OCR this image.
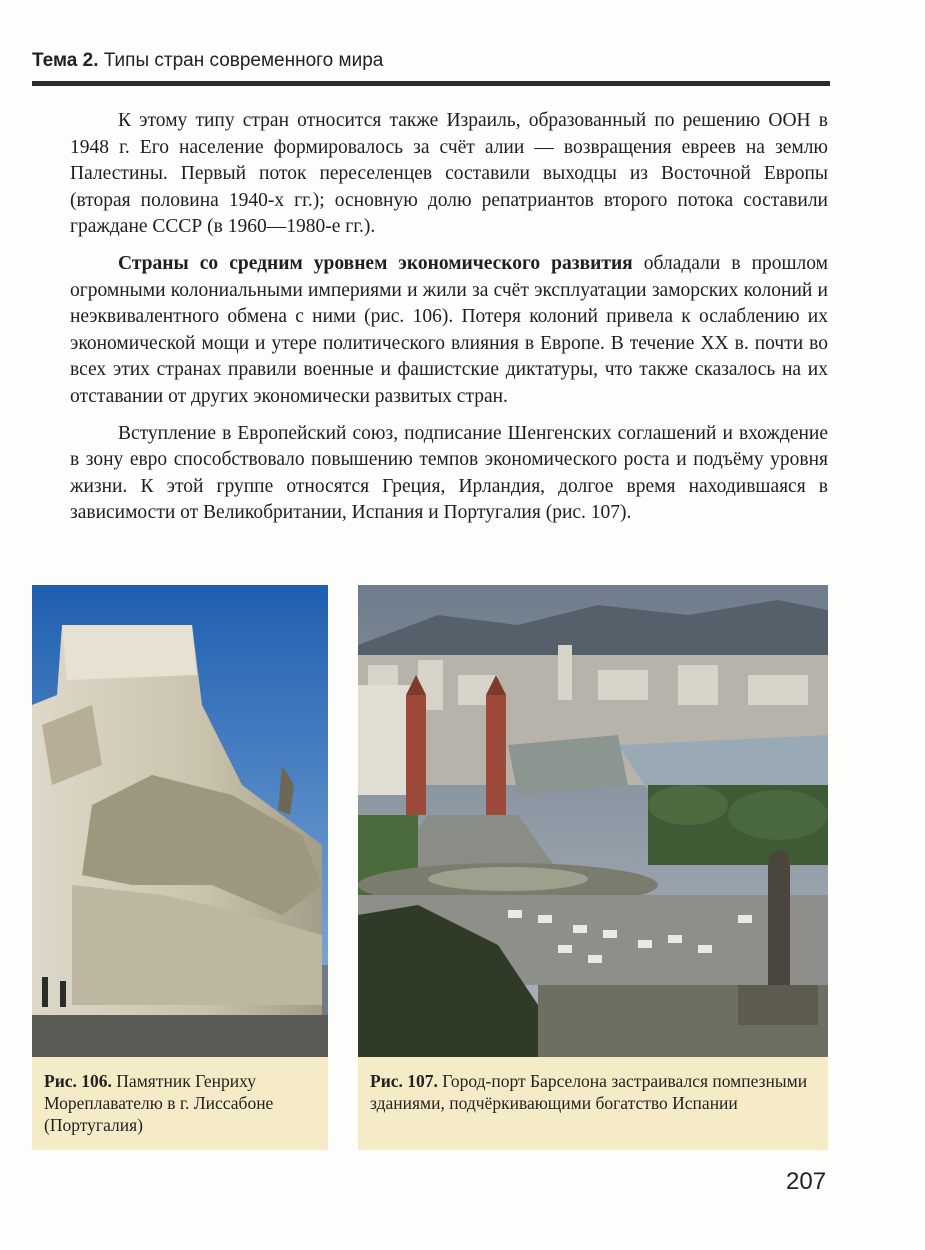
Тема 2. Типы стран современного мира

К этому типу стран относится также Израиль, образованный по решению ООН в 1948 г. Его население формировалось за счёт алии — возвращения евреев на землю Палестины. Первый поток переселенцев составили выходцы из Восточной Европы (вторая половина 1940-х гг.); основную долю репатриантов второго потока составили граждане СССР (в 1960—1980-е гг.).

Страны со средним уровнем экономического развития обладали в прошлом огромными колониальными империями и жили за счёт эксплуатации заморских колоний и неэквивалентного обмена с ними (рис. 106). Потеря колоний привела к ослаблению их экономической мощи и утере политического влияния в Европе. В течение XX в. почти во всех этих странах правили военные и фашистские диктатуры, что также сказалось на их отставании от других экономически развитых стран.

Вступление в Европейский союз, подписание Шенгенских соглашений и вхождение в зону евро способствовало повышению темпов экономического роста и подъёму уровня жизни. К этой группе относятся Греция, Ирландия, долгое время находившаяся в зависимости от Великобритании, Испания и Португалия (рис. 107).

Рис. 106. Памятник Генриху Мореплавателю в г. Лиссабоне (Португалия)
Рис. 107. Город-порт Барселона застраивался помпезными зданиями, подчёркивающими богатство Испании
207
